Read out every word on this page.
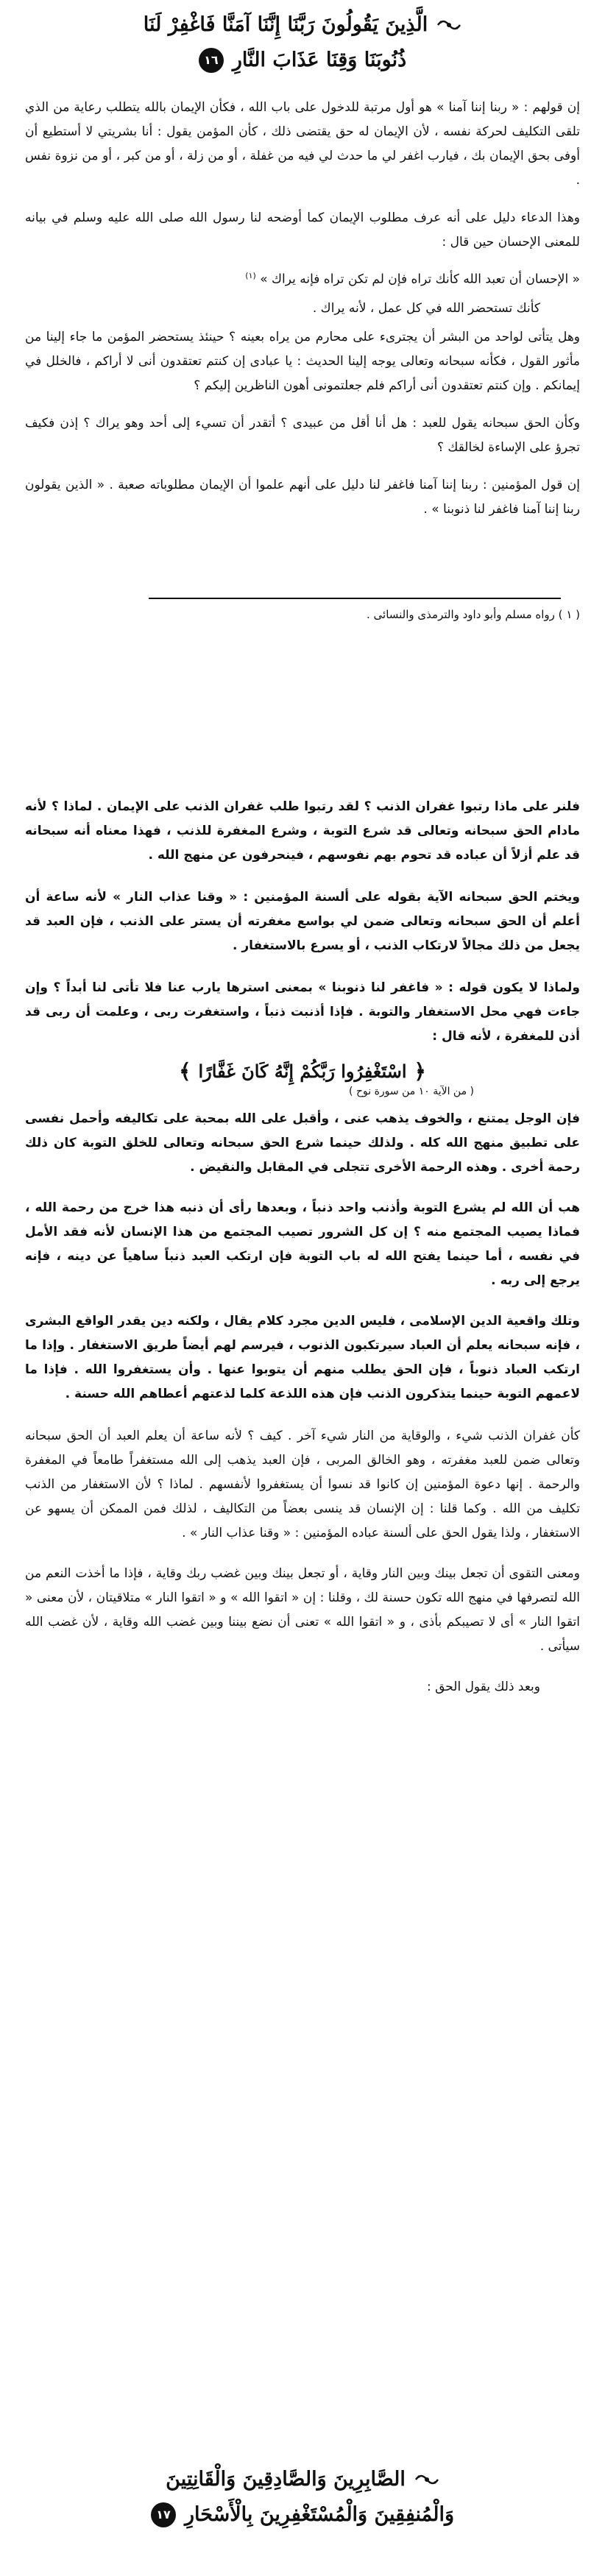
الَّذِينَ يَقُولُونَ رَبَّنَا إِنَّنَا آمَنَّا فَاغْفِرْ لَنَا
ذُنُوبَنَا وَقِنَا عَذَابَ النَّارِ
١٦

إن قولهم : « ربنا إننا آمنا » هو أول مرتبة للدخول على باب الله ، فكأن الإيمان بالله يتطلب رعاية من الذي تلقى التكليف لحركة نفسه ، لأن الإيمان له حق يقتضى ذلك ، كأن المؤمن يقول : أنا بشريتي لا أستطيع أن أوفى بحق الإيمان بك ، فيارب اغفر لي ما حدث لي فيه من غفلة ، أو من زلة ، أو من كبر ، أو من نزوة نفس .

وهذا الدعاء دليل على أنه عرف مطلوب الإيمان كما أوضحه لنا رسول الله صلى الله عليه وسلم في بيانه للمعنى الإحسان حين قال :

« الإحسان أن تعبد الله كأنك تراه فإن لم تكن تراه فإنه يراك » $^{(١)}$

كأنك تستحضر الله في كل عمل ، لأنه يراك .

وهل يتأتى لواحد من البشر أن يجترىء على محارم من يراه بعينه ؟ حينئذ يستحضر المؤمن ما جاء إلينا من مأثور القول ، فكأنه سبحانه وتعالى يوجه إلينا الحديث : يا عبادى إن كنتم تعتقدون أنى لا أراكم ، فالخلل في إيمانكم . وإن كنتم تعتقدون أنى أراكم فلم جعلتمونى أهون الناظرين إليكم ؟

وكأن الحق سبحانه يقول للعبد : هل أنا أقل من عبيدى ؟ أتقدر أن تسيء إلى أحد وهو يراك ؟ إذن فكيف تجرؤ على الإساءة لخالقك ؟

إن قول المؤمنين : ربنا إننا آمنا فاغفر لنا دليل على أنهم علموا أن الإيمان مطلوباته صعبة . « الذين يقولون ربنا إننا آمنا فاغفر لنا ذنوبنا » .

( ١ ) رواه مسلم وأبو داود والترمذى والنسائى .

فلنر على ماذا رتبوا غفران الذنب ؟ لقد رتبوا طلب غفران الذنب على الإيمان . لماذا ؟ لأنه مادام الحق سبحانه وتعالى قد شرع التوبة ، وشرع المغفرة للذنب ، فهذا معناه أنه سبحانه قد علم أزلاً أن عباده قد تحوم بهم نفوسهم ، فينحرفون عن منهج الله .

ويختم الحق سبحانه الآية بقوله على ألسنة المؤمنين : « وقنا عذاب النار » لأنه ساعة أن أعلم أن الحق سبحانه وتعالى ضمن لي بواسع مغفرته أن يستر على الذنب ، فإن العبد قد يجعل من ذلك مجالاً لارتكاب الذنب ، أو يسرع بالاستغفار .

ولماذا لا يكون قوله : « فاغفر لنا ذنوبنا » بمعنى استرها يارب عنا فلا تأتى لنا أبداً ؟ وإن جاءت فهي محل الاستغفار والتوبة . فإذا أذنبت ذنباً ، واستغفرت ربى ، وعلمت أن ربى قد أذن للمغفرة ، لأنه قال :

﴿
اسْتَغْفِرُوا رَبَّكُمْ إِنَّهُ كَانَ غَفَّارًا
﴾

( من الآية ١٠ من سورة نوح )

فإن الوجل يمتنع ، والخوف يذهب عنى ، وأقبل على الله بمحبة على تكاليفه وأحمل نفسى على تطبيق منهج الله كله . ولذلك حينما شرع الحق سبحانه وتعالى للخلق التوبة كان ذلك رحمة أخرى . وهذه الرحمة الأخرى تتجلى في المقابل والنقيض .

هب أن الله لم يشرع التوبة وأذنب واحد ذنباً ، وبعدها رأى أن ذنبه هذا خرج من رحمة الله ، فماذا يصيب المجتمع منه ؟ إن كل الشرور تصيب المجتمع من هذا الإنسان لأنه فقد الأمل في نفسه ، أما حينما يفتح الله له باب التوبة فإن ارتكب العبد ذنباً ساهياً عن دينه ، فإنه يرجع إلى ربه .

وتلك واقعية الدين الإسلامى ، فليس الدين مجرد كلام يقال ، ولكنه دين يقدر الواقع البشرى ، فإنه سبحانه يعلم أن العباد سيرتكبون الذنوب ، فيرسم لهم أيضاً طريق الاستغفار . وإذا ما ارتكب العباد ذنوباً ، فإن الحق يطلب منهم أن يتوبوا عنها . وأن يستغفروا الله . فإذا ما لاعمهم التوبة حينما يتذكرون الذنب فإن هذه اللذعة كلما لذعتهم أعطاهم الله حسنة .

كأن غفران الذنب شيء ، والوقاية من النار شيء آخر . كيف ؟ لأنه ساعة أن يعلم العبد أن الحق سبحانه وتعالى ضمن للعبد مغفرته ، وهو الخالق المربى ، فإن العبد يذهب إلى الله مستغفراً طامعاً في المغفرة والرحمة . إنها دعوة المؤمنين إن كانوا قد نسوا أن يستغفروا لأنفسهم . لماذا ؟ لأن الاستغفار من الذنب تكليف من الله . وكما قلنا : إن الإنسان قد ينسى بعضاً من التكاليف ، لذلك فمن الممكن أن يسهو عن الاستغفار ، ولذا يقول الحق على ألسنة عباده المؤمنين : « وقنا عذاب النار » .

ومعنى التقوى أن تجعل بينك وبين النار وقاية ، أو تجعل بينك وبين غضب ربك وقاية ، فإذا ما أخذت النعم من الله لتصرفها في منهج الله تكون حسنة لك ، وقلنا : إن « اتقوا الله » و « اتقوا النار » متلاقيتان ، لأن معنى « اتقوا النار » أى لا تصيبكم بأذى ، و « اتقوا الله » تعنى أن نضع بيننا وبين غضب الله وقاية ، لأن غضب الله سيأتى .

وبعد ذلك يقول الحق :

الصَّابِرِينَ وَالصَّادِقِينَ وَالْقَانِتِينَ
وَالْمُنفِقِينَ وَالْمُسْتَغْفِرِينَ بِالْأَسْحَارِ
١٧
